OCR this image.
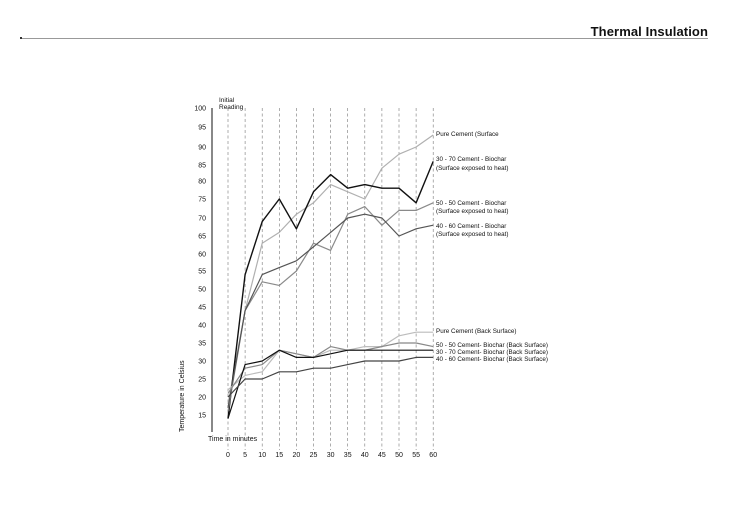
Thermal Insulation
100
95
90
85
80
75
70
65
60
55
50
45
40
35
30
25
20
15
0 5 10 15 20 25 30 35 40 45 50 55 60
Pure Cement (Surface
30 - 70 Cement - Biochar
(Surface exposed to heat)
50 - 50 Cement - Biochar
(Surface exposed to heat)
40 - 60 Cement - Biochar
(Surface exposed to heat)
Pure Cement (Back Surface)
50 - 50 Cement- Biochar (Back Surface)
30 - 70 Cement- Biochar (Back Surface)
40 - 60 Cement- Biochar (Back Surface)
Initial
Reading
Time in minutes
Temperature in Celsius
